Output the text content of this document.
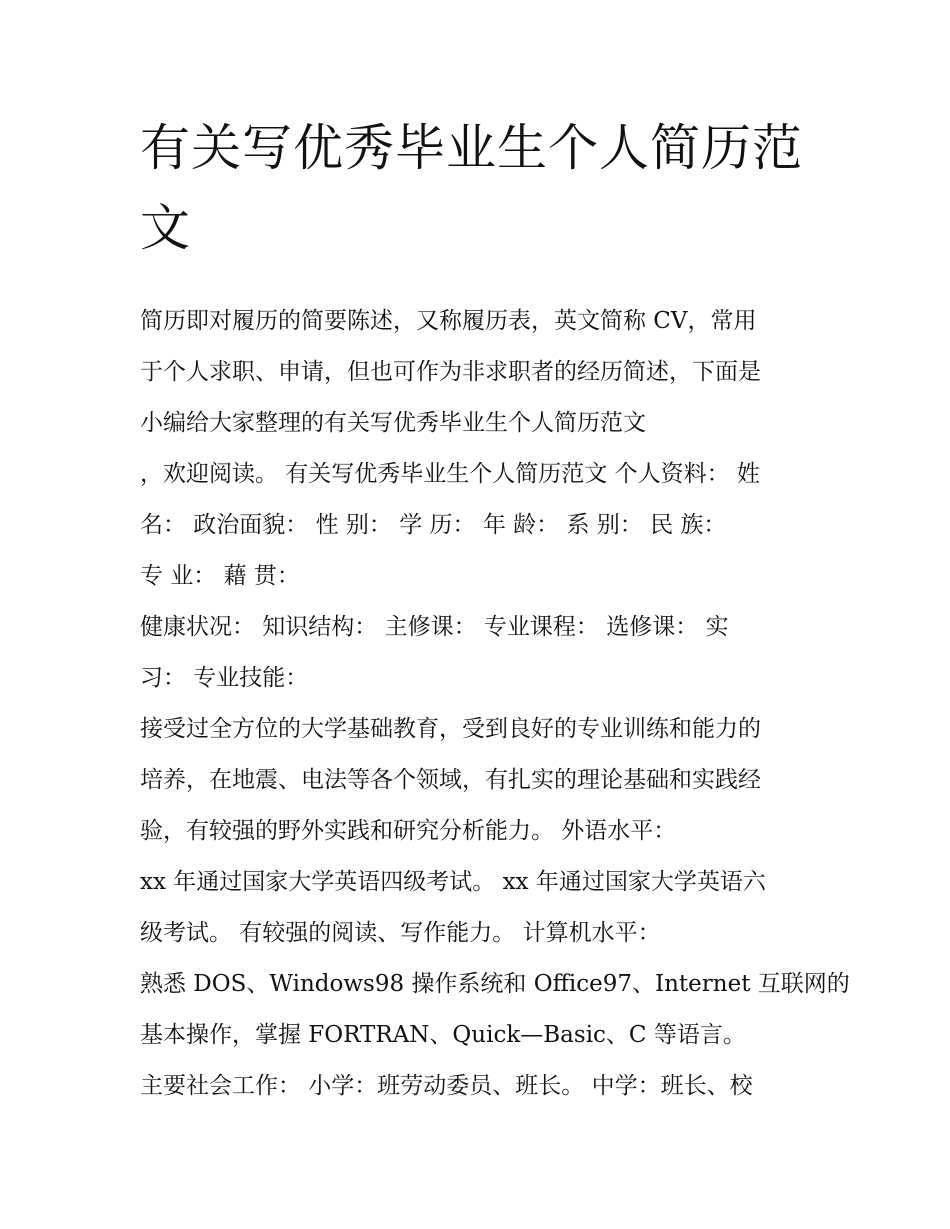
有关写优秀毕业生个人简历范
文
简历即对履历的简要陈述，又称履历表，英文简称 CV，常用
于个人求职、申请，但也可作为非求职者的经历简述，下面是
小编给大家整理的有关写优秀毕业生个人简历范文
，欢迎阅读。 有关写优秀毕业生个人简历范文 个人资料： 姓
名： 政治面貌： 性 别： 学 历： 年 龄： 系 别： 民 族：
专 业： 藉 贯：
健康状况： 知识结构： 主修课： 专业课程： 选修课： 实
习： 专业技能：
接受过全方位的大学基础教育，受到良好的专业训练和能力的
培养，在地震、电法等各个领域，有扎实的理论基础和实践经
验，有较强的野外实践和研究分析能力。 外语水平：
xx 年通过国家大学英语四级考试。 xx 年通过国家大学英语六
级考试。 有较强的阅读、写作能力。 计算机水平：
熟悉 DOS、Windows98 操作系统和 Office97、Internet 互联网的
基本操作，掌握 FORTRAN、Quick—Basic、C 等语言。
主要社会工作： 小学：班劳动委员、班长。 中学：班长、校
